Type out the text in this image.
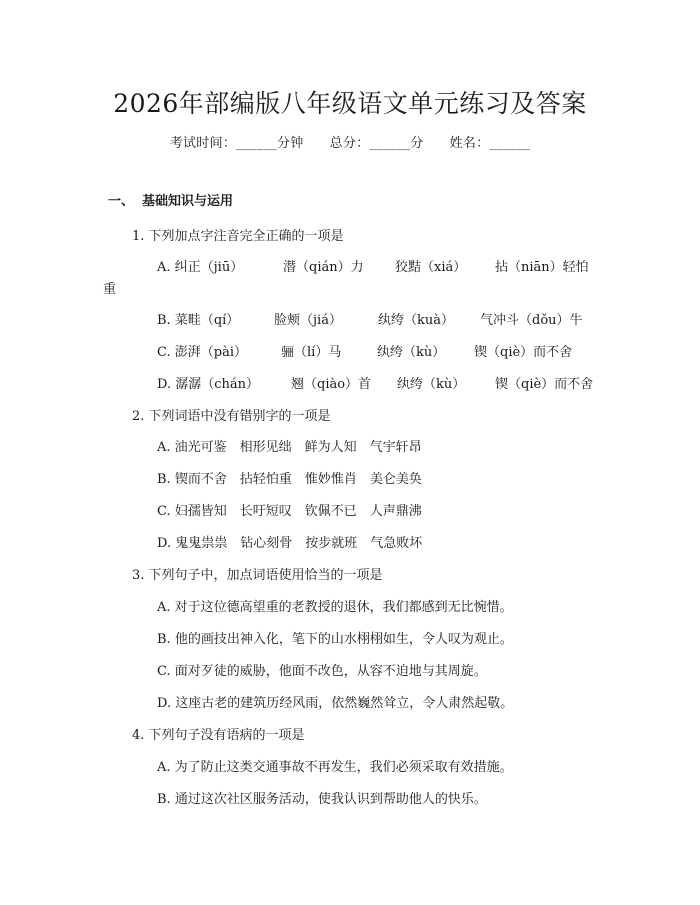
2026年部编版八年级语文单元练习及答案
考试时间：______分钟 总分：______分 姓名：______
一、 基础知识与运用
1. 下列加点字注音完全正确的一项是
A. 纠正（jiū）	潜（qián）力 狡黠（xiá） 拈（niān）轻怕
重
B. 菜畦（qí）	脸颊（jiá）	纨绔（kuà） 气冲斗（dǒu）牛
C. 澎湃（pài）	骊（lí）马	纨绔（kù） 锲（qiè）而不舍
D. 潺潺（chán） 翘（qiào）首 纨绔（kù） 锲（qiè）而不舍
2. 下列词语中没有错别字的一项是
A. 油光可鉴　相形见绌　鲜为人知　气宇轩昂
B. 锲而不舍　拈轻怕重　惟妙惟肖　美仑美奂
C. 妇孺皆知　长吁短叹　钦佩不已　人声鼎沸
D. 鬼鬼祟祟　钻心刻骨　按步就班　气急败坏
3. 下列句子中，加点词语使用恰当的一项是
A. 对于这位德高望重的老教授的退休，我们都感到无比惋惜。
B. 他的画技出神入化，笔下的山水栩栩如生，令人叹为观止。
C. 面对歹徒的威胁，他面不改色，从容不迫地与其周旋。
D. 这座古老的建筑历经风雨，依然巍然耸立，令人肃然起敬。
4. 下列句子没有语病的一项是
A. 为了防止这类交通事故不再发生，我们必须采取有效措施。
B. 通过这次社区服务活动，使我认识到帮助他人的快乐。
